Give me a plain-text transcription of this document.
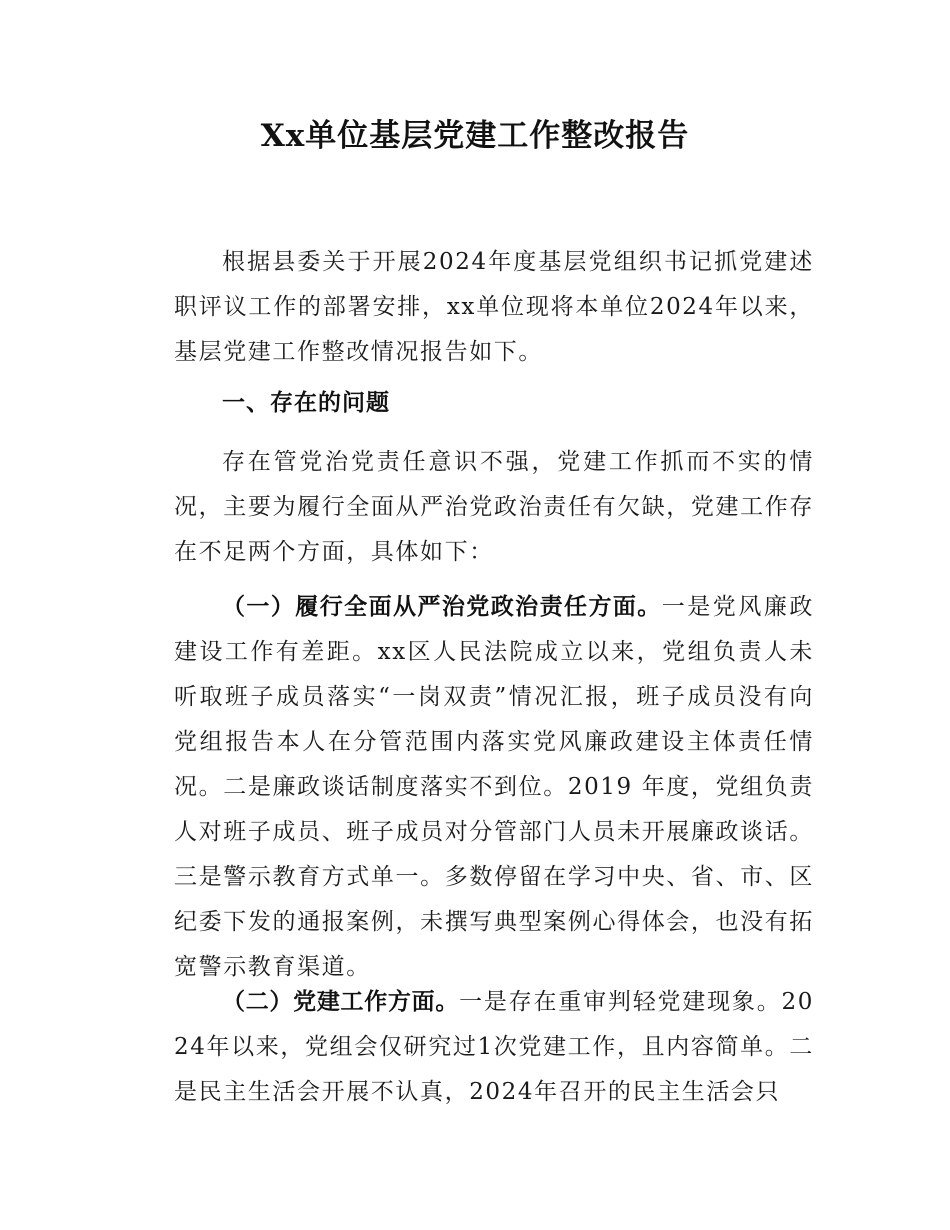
Xx单位基层党建工作整改报告

根据县委关于开展2024年度基层党组织书记抓党建述职评议工作的部署安排，xx单位现将本单位2024年以来，基层党建工作整改情况报告如下。

一、存在的问题

存在管党治党责任意识不强，党建工作抓而不实的情况，主要为履行全面从严治党政治责任有欠缺，党建工作存在不足两个方面，具体如下：

（一）履行全面从严治党政治责任方面。一是党风廉政建设工作有差距。xx区人民法院成立以来，党组负责人未听取班子成员落实“一岗双责”情况汇报，班子成员没有向党组报告本人在分管范围内落实党风廉政建设主体责任情况。二是廉政谈话制度落实不到位。2019 年度，党组负责人对班子成员、班子成员对分管部门人员未开展廉政谈话。三是警示教育方式单一。多数停留在学习中央、省、市、区纪委下发的通报案例，未撰写典型案例心得体会，也没有拓宽警示教育渠道。

（二）党建工作方面。一是存在重审判轻党建现象。2024年以来，党组会仅研究过1次党建工作，且内容简单。二是民主生活会开展不认真，2024年召开的民主生活会只
